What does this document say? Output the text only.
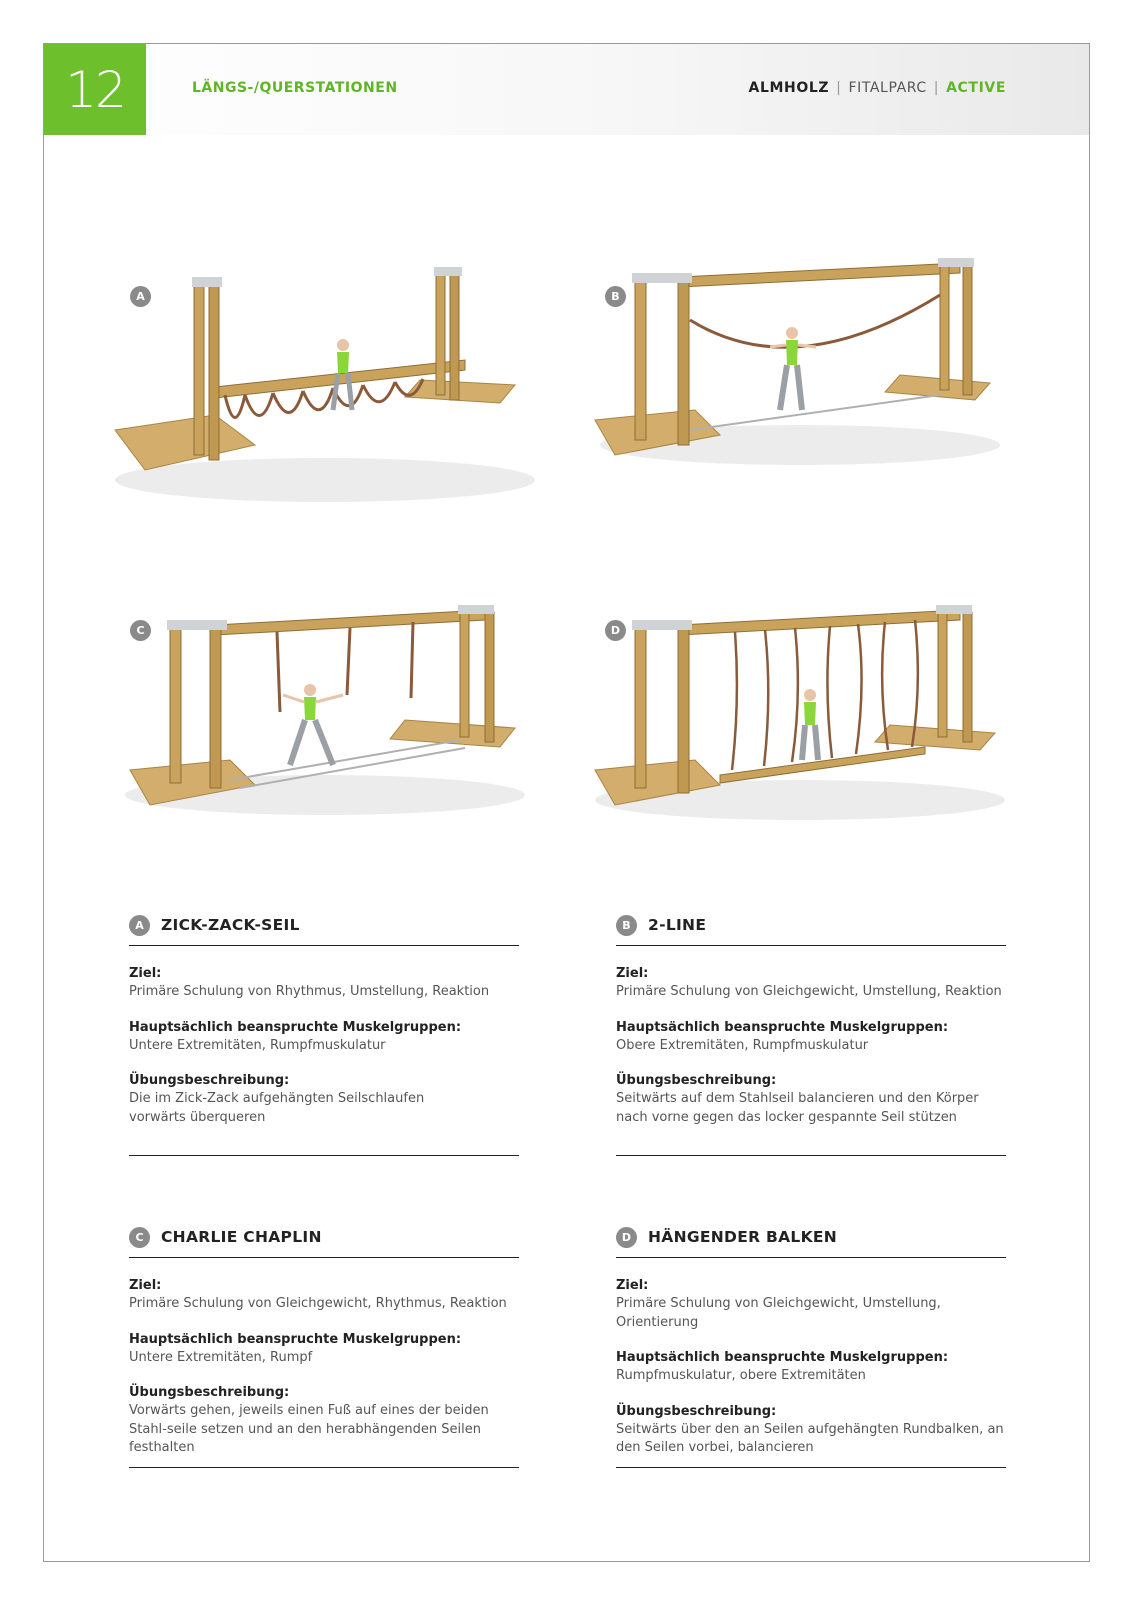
12	LÄNGS-/QUERSTATIONEN	ALMHOLZ | FITALPARC | ACTIVE
A	B
C	D
A	ZICK-ZACK-SEIL
Ziel:
Primäre Schulung von Rhythmus, Umstellung, Reaktion
Hauptsächlich beanspruchte Muskelgruppen:
Untere Extremitäten, Rumpfmuskulatur
Übungsbeschreibung:
Die im Zick-Zack aufgehängten Seilschlaufen vorwärts überqueren
B	2-LINE
Ziel:
Primäre Schulung von Gleichgewicht, Umstellung, Reaktion
Hauptsächlich beanspruchte Muskelgruppen:
Obere Extremitäten, Rumpfmuskulatur
Übungsbeschreibung:
Seitwärts auf dem Stahlseil balancieren und den Körper nach vorne gegen das locker gespannte Seil stützen
C	CHARLIE CHAPLIN
Ziel:
Primäre Schulung von Gleichgewicht, Rhythmus, Reaktion
Hauptsächlich beanspruchte Muskelgruppen:
Untere Extremitäten, Rumpf
Übungsbeschreibung:
Vorwärts gehen, jeweils einen Fuß auf eines der beiden Stahl-seile setzen und an den herabhängenden Seilen festhalten
D	HÄNGENDER BALKEN
Ziel:
Primäre Schulung von Gleichgewicht, Umstellung, Orientierung
Hauptsächlich beanspruchte Muskelgruppen:
Rumpfmuskulatur, obere Extremitäten
Übungsbeschreibung:
Seitwärts über den an Seilen aufgehängten Rundbalken, an den Seilen vorbei, balancieren
